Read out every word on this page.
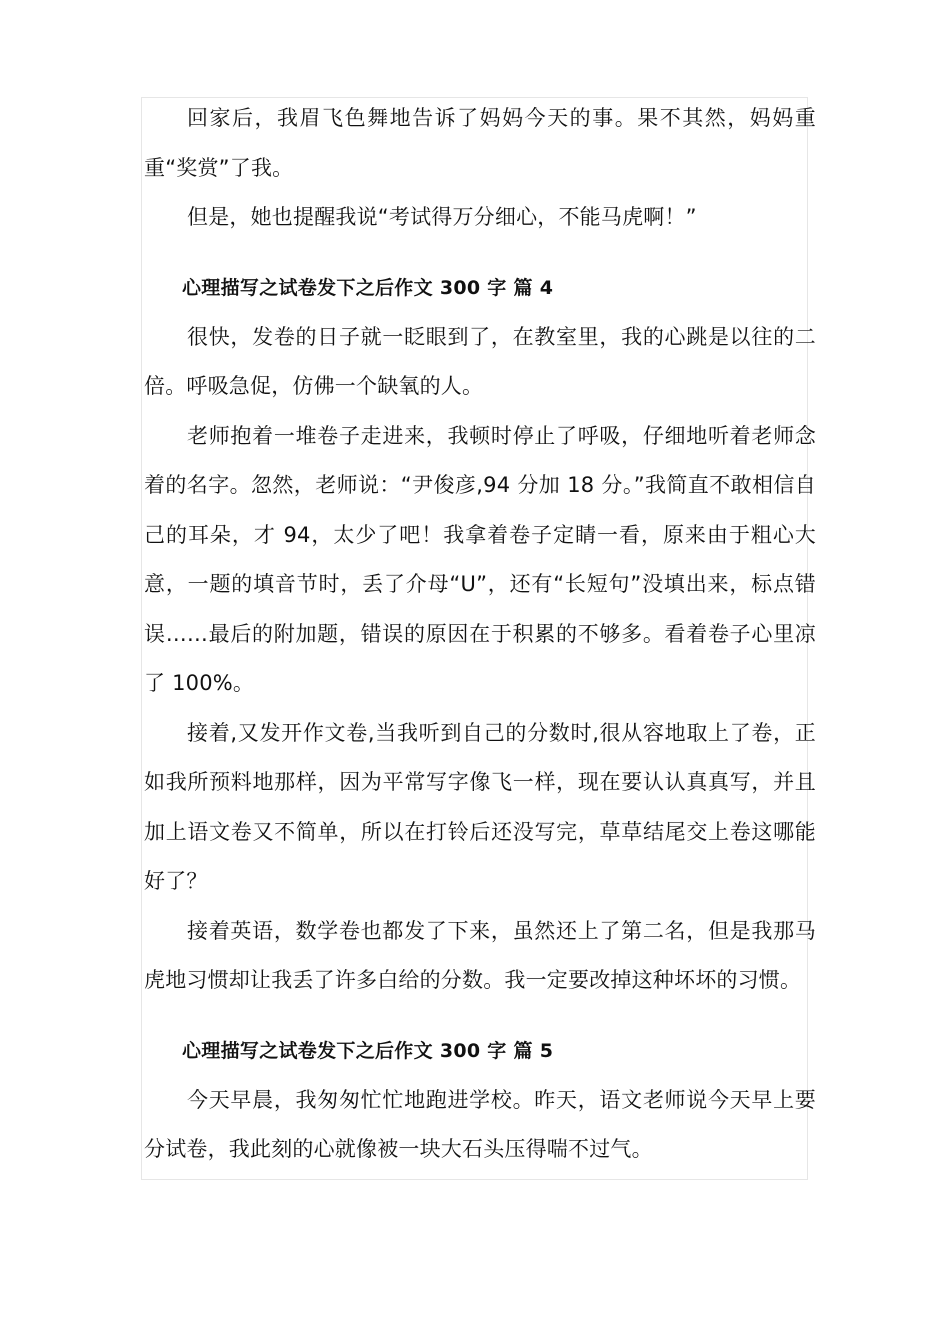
回家后，我眉飞色舞地告诉了妈妈今天的事。果不其然，妈妈重重“奖赏”了我。

但是，她也提醒我说“考试得万分细心，不能马虎啊！”

心理描写之试卷发下之后作文 300 字 篇 4

很快，发卷的日子就一眨眼到了，在教室里，我的心跳是以往的二倍。呼吸急促，仿佛一个缺氧的人。

老师抱着一堆卷子走进来，我顿时停止了呼吸，仔细地听着老师念着的名字。忽然，老师说：“尹俊彦,94 分加 18 分。”我简直不敢相信自己的耳朵，才 94，太少了吧！我拿着卷子定睛一看，原来由于粗心大意，一题的填音节时，丢了介母“U”，还有“长短句”没填出来，标点错误……最后的附加题，错误的原因在于积累的不够多。看着卷子心里凉了 100%。

接着,又发开作文卷,当我听到自己的分数时,很从容地取上了卷，正如我所预料地那样，因为平常写字像飞一样，现在要认认真真写，并且加上语文卷又不简单，所以在打铃后还没写完，草草结尾交上卷这哪能好了？

接着英语，数学卷也都发了下来，虽然还上了第二名，但是我那马虎地习惯却让我丢了许多白给的分数。我一定要改掉这种坏坏的习惯。

心理描写之试卷发下之后作文 300 字 篇 5

今天早晨，我匆匆忙忙地跑进学校。昨天，语文老师说今天早上要分试卷，我此刻的心就像被一块大石头压得喘不过气。
